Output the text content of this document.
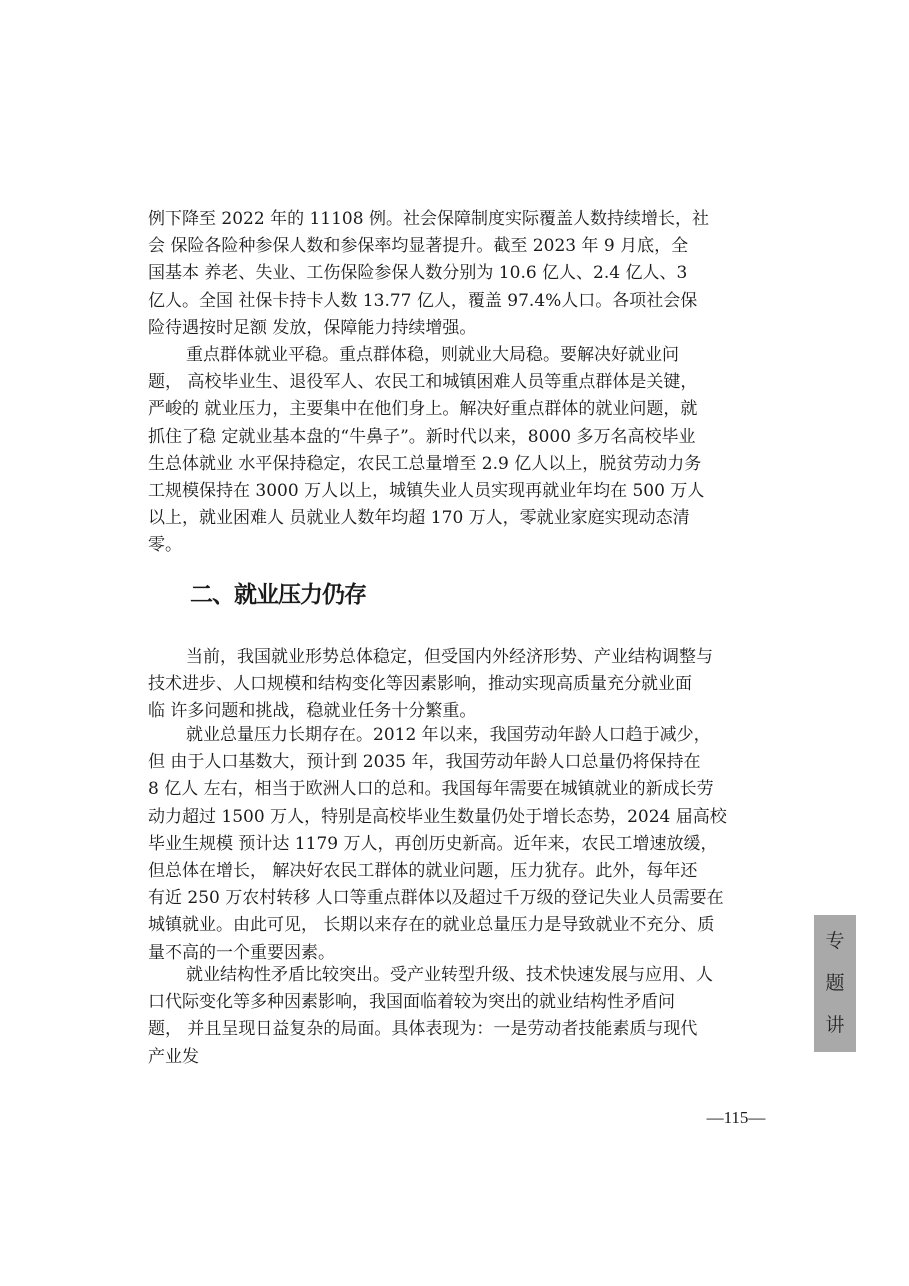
例下降至 2022 年的 11108 例。社会保障制度实际覆盖人数持续增长，社
会 保险各险种参保人数和参保率均显著提升。截至 2023 年 9 月底，全
国基本 养老、失业、工伤保险参保人数分别为 10.6 亿人、2.4 亿人、3
亿人。全国 社保卡持卡人数 13.77 亿人，覆盖 97.4%人口。各项社会保
险待遇按时足额 发放，保障能力持续增强。
重点群体就业平稳。重点群体稳，则就业大局稳。要解决好就业问
题， 高校毕业生、退役军人、农民工和城镇困难人员等重点群体是关键，
严峻的 就业压力，主要集中在他们身上。解决好重点群体的就业问题，就
抓住了稳 定就业基本盘的“牛鼻子”。新时代以来，8000 多万名高校毕业
生总体就业 水平保持稳定，农民工总量增至 2.9 亿人以上，脱贫劳动力务
工规模保持在 3000 万人以上，城镇失业人员实现再就业年均在 500 万人
以上，就业困难人 员就业人数年均超 170 万人，零就业家庭实现动态清
零。
二、就业压力仍存
当前，我国就业形势总体稳定，但受国内外经济形势、产业结构调整与
技术进步、人口规模和结构变化等因素影响，推动实现高质量充分就业面
临 许多问题和挑战，稳就业任务十分繁重。
就业总量压力长期存在。2012 年以来，我国劳动年龄人口趋于减少，
但 由于人口基数大，预计到 2035 年，我国劳动年龄人口总量仍将保持在
8 亿人 左右，相当于欧洲人口的总和。我国每年需要在城镇就业的新成长劳
动力超过 1500 万人，特别是高校毕业生数量仍处于增长态势，2024 届高校
毕业生规模 预计达 1179 万人，再创历史新高。近年来，农民工增速放缓，
但总体在增长， 解决好农民工群体的就业问题，压力犹存。此外，每年还
有近 250 万农村转移 人口等重点群体以及超过千万级的登记失业人员需要在
城镇就业。由此可见， 长期以来存在的就业总量压力是导致就业不充分、质
量不高的一个重要因素。
就业结构性矛盾比较突出。受产业转型升级、技术快速发展与应用、人
口代际变化等多种因素影响，我国面临着较为突出的就业结构性矛盾问
题， 并且呈现日益复杂的局面。具体表现为：一是劳动者技能素质与现代
产业发
专
题
讲
—115—
